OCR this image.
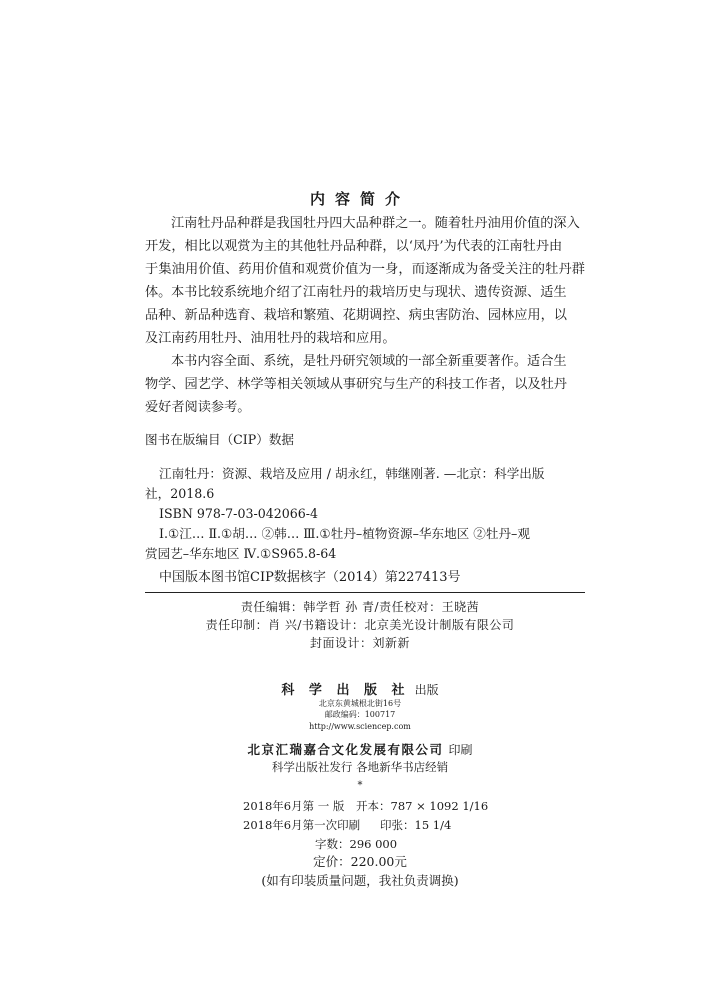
内容简介
江南牡丹品种群是我国牡丹四大品种群之一。随着牡丹油用价值的深入
开发，相比以观赏为主的其他牡丹品种群，以‘凤丹’为代表的江南牡丹由
于集油用价值、药用价值和观赏价值为一身，而逐渐成为备受关注的牡丹群体。 本书比较系统地介绍了江南牡丹的栽培历史与现状、遗传资源、适生
品种、新品种选育、栽培和繁殖、花期调控、病虫害防治、园林应用，以
及江南药用牡丹、油用牡丹的栽培和应用。
本书内容全面、系统，是牡丹研究领域的一部全新重要著作。适合生
物学、园艺学、林学等相关领域从事研究与生产的科技工作者，以及牡丹
爱好者阅读参考。
图书在版编目（CIP）数据
江南牡丹：资源、栽培及应用 / 胡永红，韩继刚著. —北京：科学出版
社，2018.6
ISBN 978-7-03-042066-4
Ⅰ.①江… Ⅱ.①胡… ②韩… Ⅲ.①牡丹–植物资源–华东地区 ②牡丹–观
赏园艺–华东地区 Ⅳ.①S965.8-64
中国版本图书馆CIP数据核字（2014）第227413号
责任编辑：韩学哲 孙 青/责任校对：王晓茜
责任印制：肖 兴/书籍设计：北京美光设计制版有限公司
封面设计：刘新新
科 学 出 版 社 出版
北京东黄城根北街16号
邮政编码：100717
http://www.sciencep.com
北京汇瑞嘉合文化发展有限公司 印刷
科学出版社发行 各地新华书店经销
*
2018年6月第 一 版 开本：787 × 1092 1/16
2018年6月第一次印刷 印张：15 1/4
字数：296 000
定价：220.00元
(如有印装质量问题，我社负责调换)
